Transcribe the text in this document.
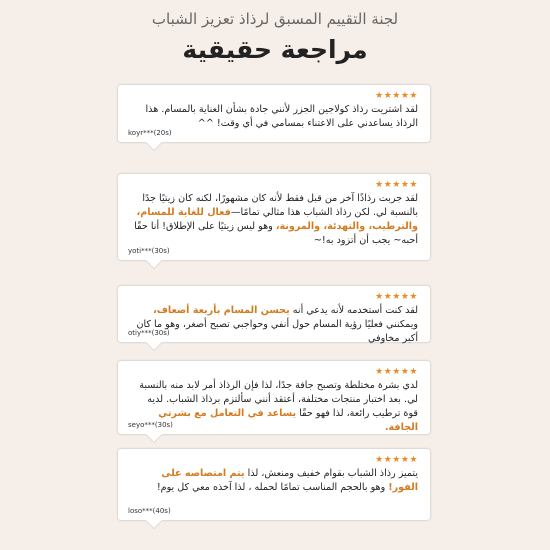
لجنة التقييم المسبق لرذاذ تعزيز الشباب
مراجعة حقيقية
★★★★★
لقد اشتريت رذاذ كولاجين الجزر لأنني جادة بشأن العناية بالمسام. هذا الرذاذ يساعدني على الاعتناء بمسامي في أي وقت! ^^
koyr***(20s)
★★★★★
لقد جربت رذاذًا آخر من قبل فقط لأنه كان مشهورًا، لكنه كان زيتيًا جدًا بالنسبة لي. لكن رذاذ الشباب هذا مثالي تمامًا—فعال للغاية للمسام، والترطيب، والتهدئة، والمرونة، وهو ليس زيتيًا على الإطلاق! أنا حقًا أحبه~ يجب أن أتزود به!~
yoti***(30s)
★★★★★
لقد كنت أستخدمه لأنه يدعي أنه يحسن المسام بأربعة أضعاف، ويمكنني فعليًا رؤية المسام حول أنفي وحواجبي تصبح أصغر، وهو ما كان أكبر مخاوفي
otiy***(30s)
★★★★★
لدي بشرة مختلطة وتصبح جافة جدًا، لذا فإن الرذاذ أمر لابد منه بالنسبة لي. بعد اختبار منتجات مختلفة، أعتقد أنني سألتزم برذاذ الشباب. لديه قوة ترطيب رائعة، لذا فهو حقًا يساعد في التعامل مع بشرتي الجافة.
seyo***(30s)
★★★★★
يتميز رذاذ الشباب بقوام خفيف ومنعش، لذا يتم امتصاصه على الفور! وهو بالحجم المناسب تمامًا لحمله ، لذا آخذه معي كل يوم!
loso***(40s)
